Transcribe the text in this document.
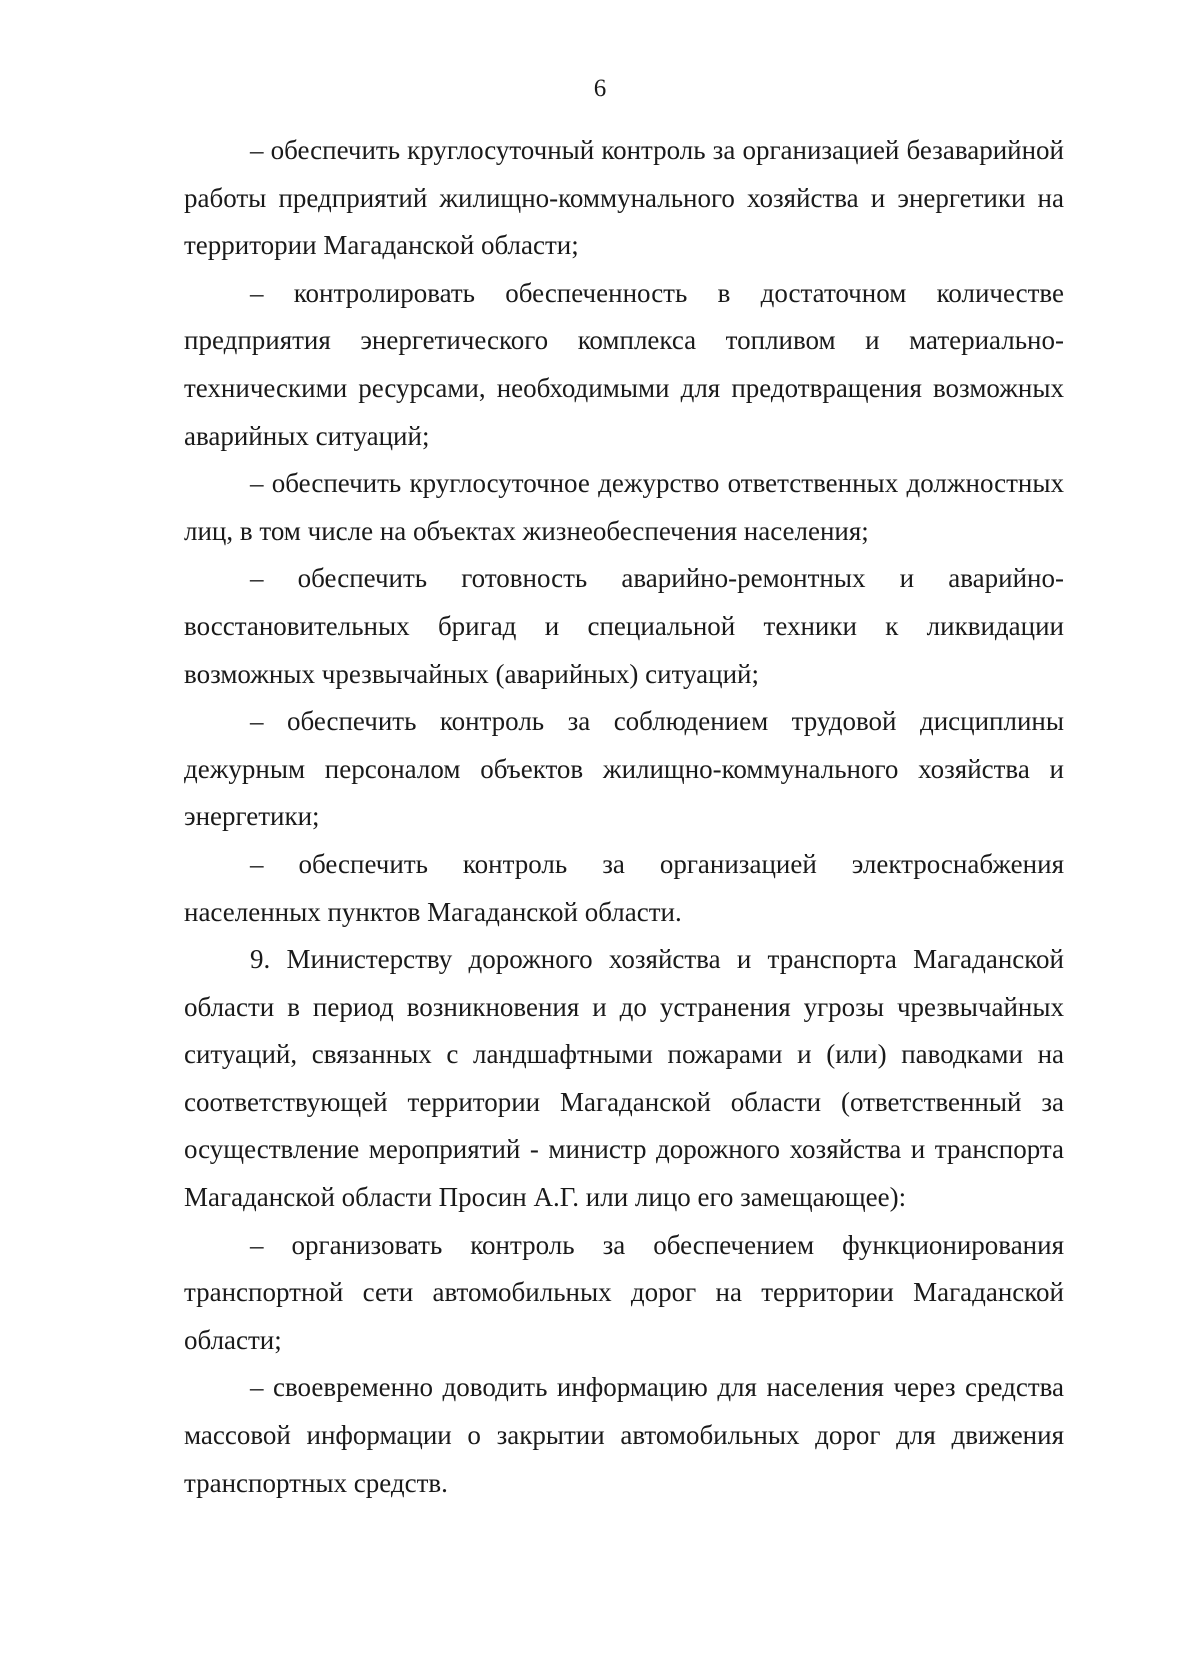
6

– обеспечить круглосуточный контроль за организацией безаварийной работы предприятий жилищно-коммунального хозяйства и энергетики на территории Магаданской области;

– контролировать обеспеченность в достаточном количестве предприятия энергетического комплекса топливом и материально-техническими ресурсами, необходимыми для предотвращения возможных аварийных ситуаций;

– обеспечить круглосуточное дежурство ответственных должностных лиц, в том числе на объектах жизнеобеспечения населения;

– обеспечить готовность аварийно-ремонтных и аварийно-восстановительных бригад и специальной техники к ликвидации возможных чрезвычайных (аварийных) ситуаций;

– обеспечить контроль за соблюдением трудовой дисциплины дежурным персоналом объектов жилищно-коммунального хозяйства и энергетики;

– обеспечить контроль за организацией электроснабжения населенных пунктов Магаданской области.

9. Министерству дорожного хозяйства и транспорта Магаданской области в период возникновения и до устранения угрозы чрезвычайных ситуаций, связанных с ландшафтными пожарами и (или) паводками на соответствующей территории Магаданской области (ответственный за осуществление мероприятий - министр дорожного хозяйства и транспорта Магаданской области Просин А.Г. или лицо его замещающее):

– организовать контроль за обеспечением функционирования транспортной сети автомобильных дорог на территории Магаданской области;

– своевременно доводить информацию для населения через средства массовой информации о закрытии автомобильных дорог для движения транспортных средств.
